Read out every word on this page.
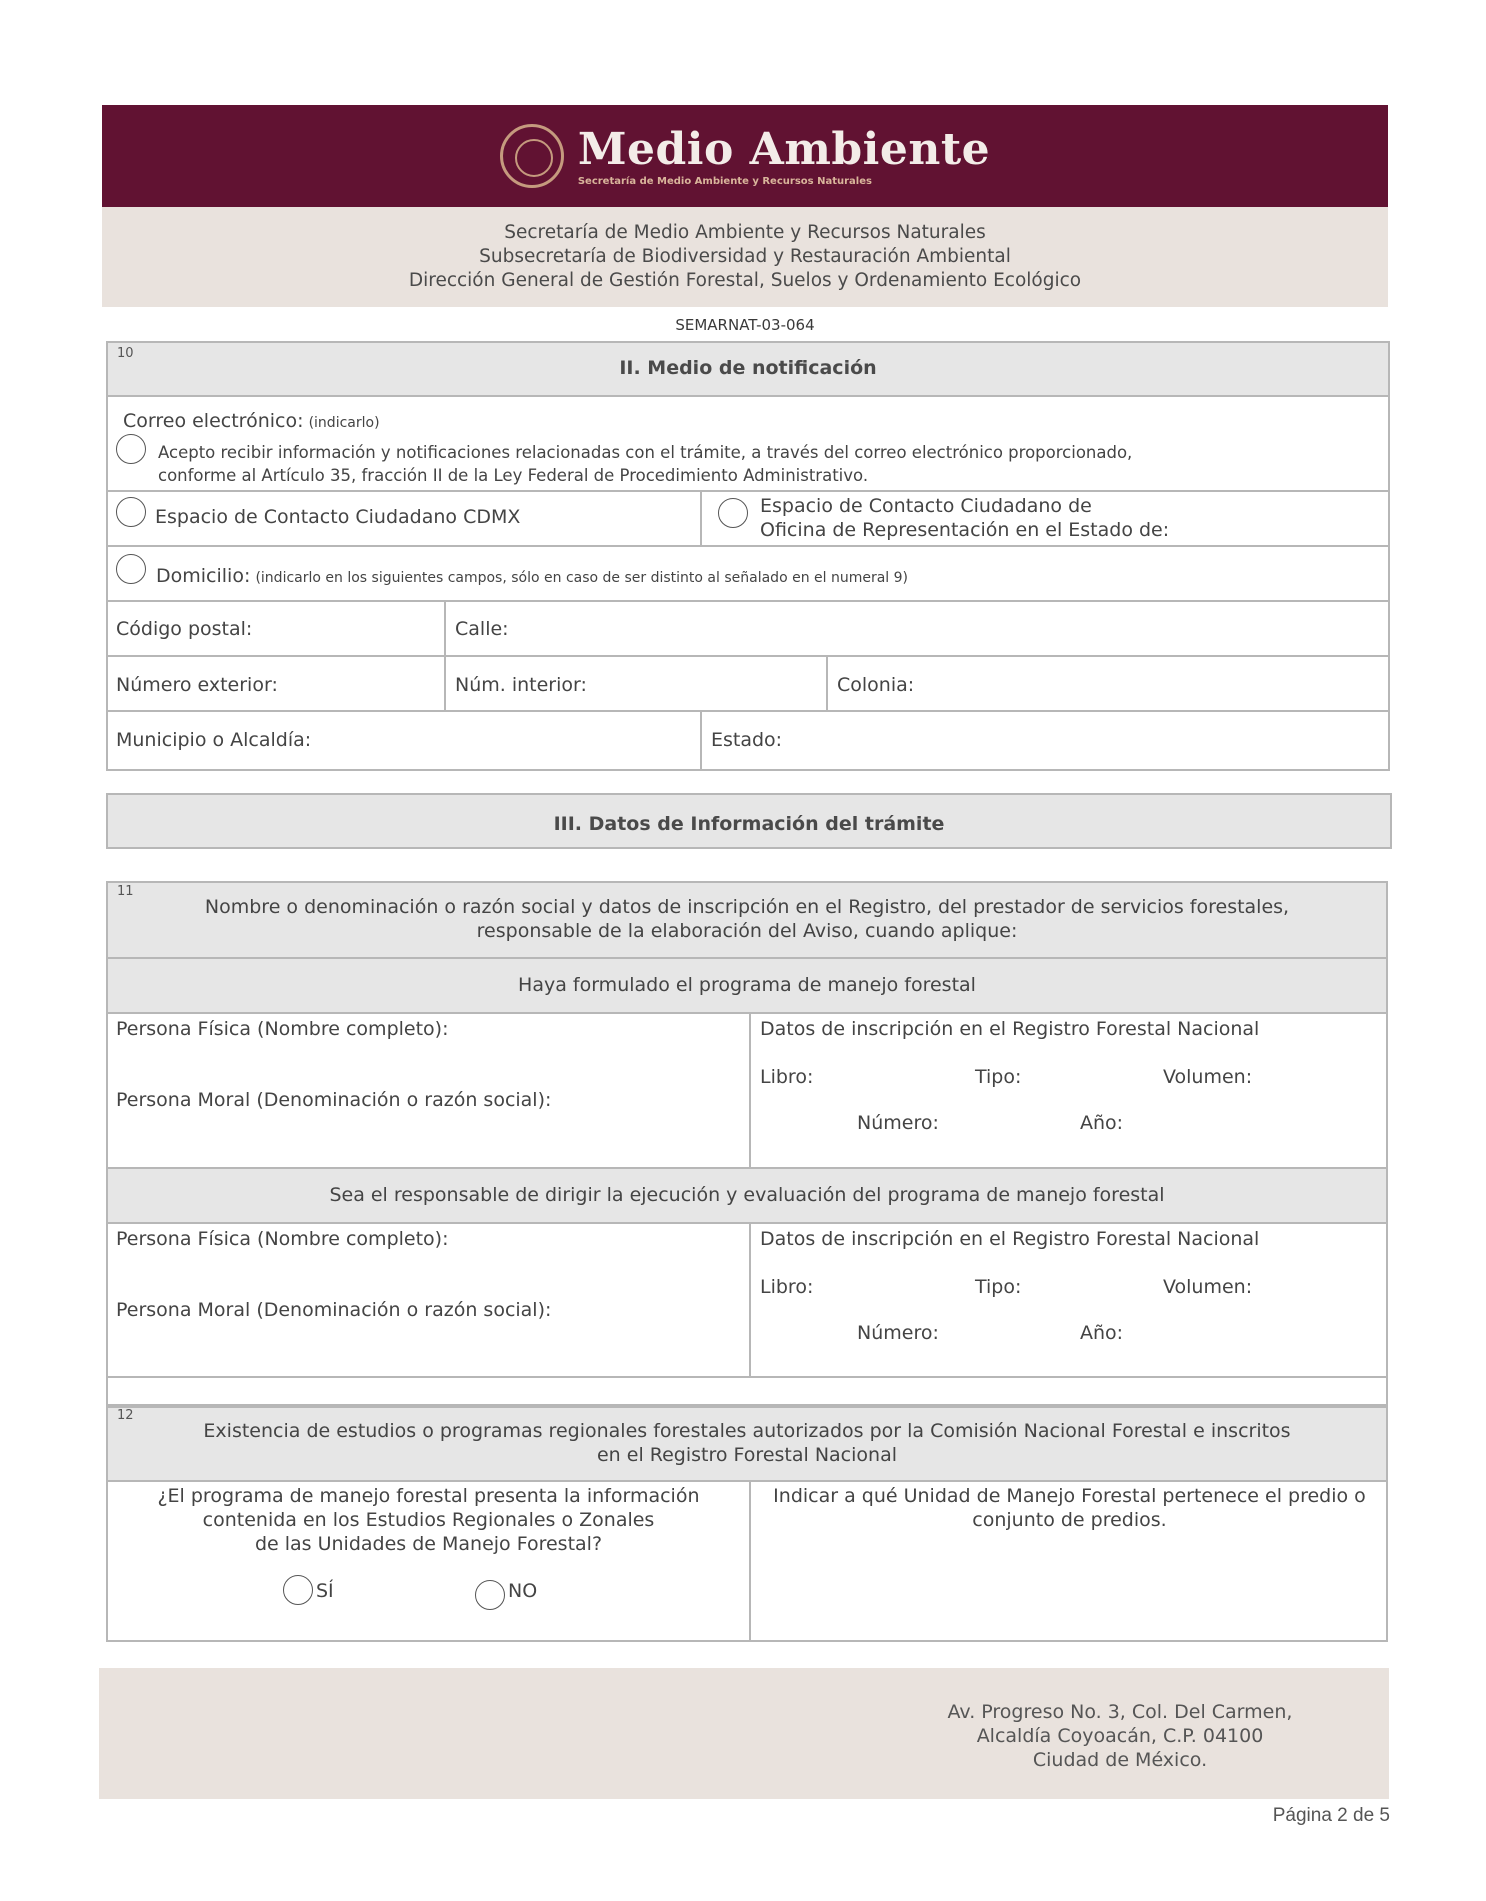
Medio Ambiente
Secretaría de Medio Ambiente y Recursos Naturales
Secretaría de Medio Ambiente y Recursos Naturales
Subsecretaría de Biodiversidad y Restauración Ambiental
Dirección General de Gestión Forestal, Suelos y Ordenamiento Ecológico
SEMARNAT-03-064
10
II. Medio de notificación
Correo electrónico: (indicarlo)
Acepto recibir información y notificaciones relacionadas con el trámite, a través del correo electrónico proporcionado,
conforme al Artículo 35, fracción II de la Ley Federal de Procedimiento Administrativo.
Espacio de Contacto Ciudadano CDMX	Espacio de Contacto Ciudadano de
Oficina de Representación en el Estado de:
Domicilio: (indicarlo en los siguientes campos, sólo en caso de ser distinto al señalado en el numeral 9)
Código postal:	Calle:
Número exterior:	Núm. interior:	Colonia:
Municipio o Alcaldía:	Estado:
III. Datos de Información del trámite
11
Nombre o denominación o razón social y datos de inscripción en el Registro, del prestador de servicios forestales,
responsable de la elaboración del Aviso, cuando aplique:
Haya formulado el programa de manejo forestal
Persona Física (Nombre completo):
Persona Moral (Denominación o razón social):
Datos de inscripción en el Registro Forestal Nacional
Libro:	Tipo:	Volumen:
Número:	Año:
Sea el responsable de dirigir la ejecución y evaluación del programa de manejo forestal
Persona Física (Nombre completo):
Persona Moral (Denominación o razón social):
Datos de inscripción en el Registro Forestal Nacional
Libro:	Tipo:	Volumen:
Número:	Año:
12
Existencia de estudios o programas regionales forestales autorizados por la Comisión Nacional Forestal e inscritos
en el Registro Forestal Nacional
¿El programa de manejo forestal presenta la información
contenida en los Estudios Regionales o Zonales
de las Unidades de Manejo Forestal?
SÍ	NO
Indicar a qué Unidad de Manejo Forestal pertenece el predio o
conjunto de predios.
Av. Progreso No. 3, Col. Del Carmen,
Alcaldía Coyoacán, C.P. 04100
Ciudad de México.
Página 2 de 5
